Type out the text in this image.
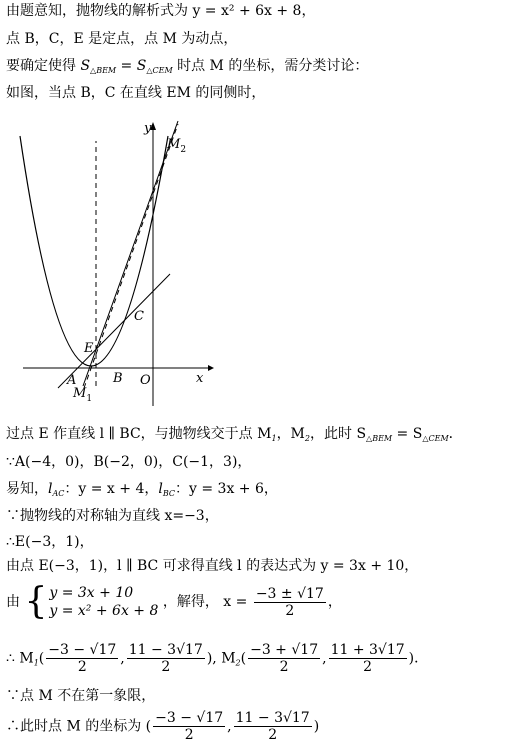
由题意知，抛物线的解析式为 y = x² + 6x + 8，
点 B，C，E 是定点，点 M 为动点，
要确定使得 $S_{\triangle BEM} = S_{\triangle CEM}$ 时点 M 的坐标，需分类讨论：
如图，当点 B，C 在直线 EM 的同侧时，
y
x
O
A	B
C
E
$M_1$
$M_2$
过点 E 作直线 l ∥ BC，与抛物线交于点 $M_1$，$M_2$，此时 $S_{\triangle BEM} = S_{\triangle CEM}$．
∵A(−4，0)，B(−2，0)，C(−1，3)，
易知，$l_{AC}$：y = x + 4，$l_{BC}$：y = 3x + 6，
∵抛物线的对称轴为直线 x=−3，
∴E(−3，1)，
由点 E(−3，1)，l ∥ BC 可求得直线 l 的表达式为 y = 3x + 10，
由 { y = 3x + 10
y = x² + 6x + 8
，解得， $x = \frac{-3 \pm √17}{2}$ ，
∴ $M_1( \frac{-3 - √17}{2}$ , $\frac{11 - 3√17}{2}$ ), $M_2( \frac{-3 + √17}{2}$ , $\frac{11 + 3√17}{2}$ )．
∵点 M 不在第一象限，
∴此时点 M 的坐标为 ( $\frac{-3 - √17}{2}$ , $\frac{11 - 3√17}{2}$ )
